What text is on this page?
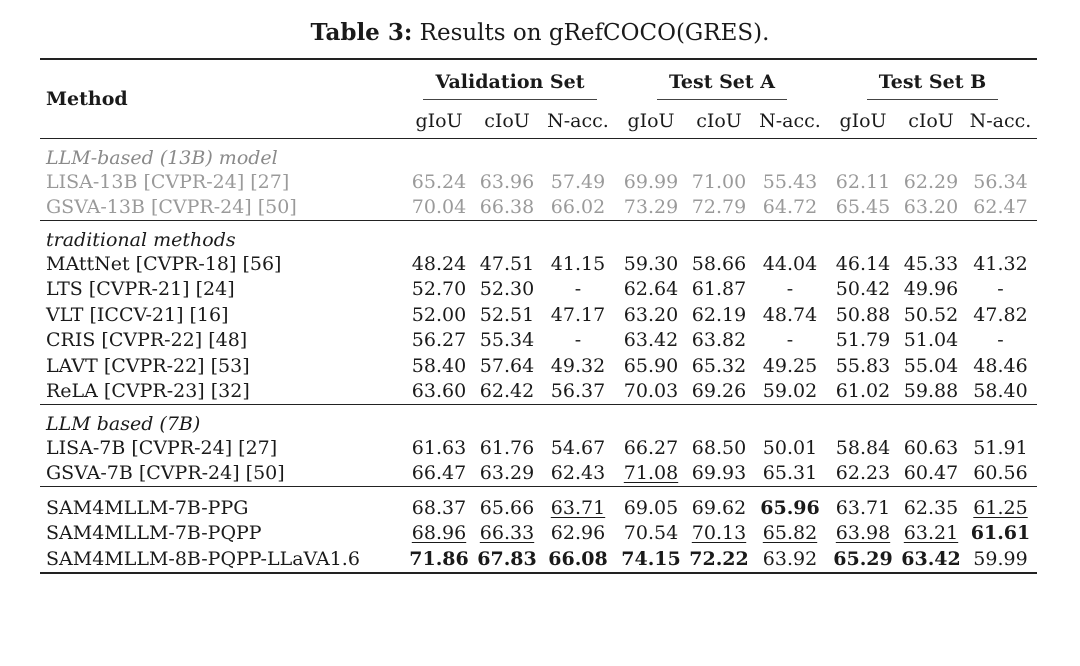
Table 3: Results on gRefCOCO(GRES).
Method	Validation Set			Test Set A			Test Set B		
	gIoU	cIoU	N-acc.	gIoU	cIoU	N-acc.	gIoU	cIoU	N-acc.
LLM-based (13B) model									
LISA-13B [CVPR-24] [27]	65.24	63.96	57.49	69.99	71.00	55.43	62.11	62.29	56.34
GSVA-13B [CVPR-24] [50]	70.04	66.38	66.02	73.29	72.79	64.72	65.45	63.20	62.47
traditional methods									
MAttNet [CVPR-18] [56]	48.24	47.51	41.15	59.30	58.66	44.04	46.14	45.33	41.32
LTS [CVPR-21] [24]	52.70	52.30	-	62.64	61.87	-	50.42	49.96	-
VLT [ICCV-21] [16]	52.00	52.51	47.17	63.20	62.19	48.74	50.88	50.52	47.82
CRIS [CVPR-22] [48]	56.27	55.34	-	63.42	63.82	-	51.79	51.04	-
LAVT [CVPR-22] [53]	58.40	57.64	49.32	65.90	65.32	49.25	55.83	55.04	48.46
ReLA [CVPR-23] [32]	63.60	62.42	56.37	70.03	69.26	59.02	61.02	59.88	58.40
LLM based (7B)									
LISA-7B [CVPR-24] [27]	61.63	61.76	54.67	66.27	68.50	50.01	58.84	60.63	51.91
GSVA-7B [CVPR-24] [50]	66.47	63.29	62.43	71.08	69.93	65.31	62.23	60.47	60.56
SAM4MLLM-7B-PPG	68.37	65.66	63.71	69.05	69.62	65.96	63.71	62.35	61.25
SAM4MLLM-7B-PQPP	68.96	66.33	62.96	70.54	70.13	65.82	63.98	63.21	61.61
SAM4MLLM-8B-PQPP-LLaVA1.6	71.86	67.83	66.08	74.15	72.22	63.92	65.29	63.42	59.99
